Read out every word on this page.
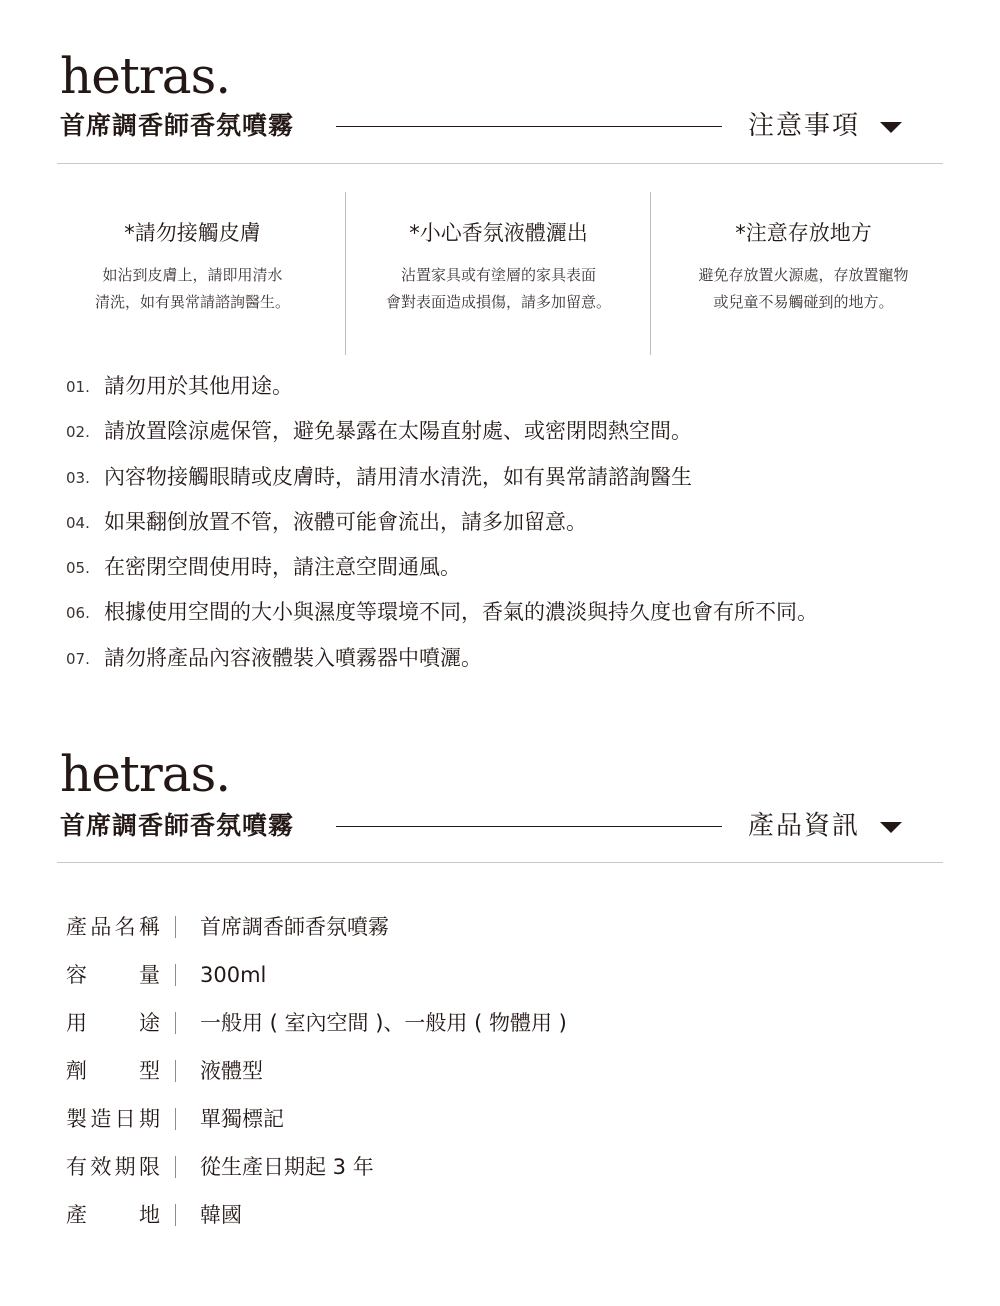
hetras.
首席調香師香氛噴霧	注意事項
*請勿接觸皮膚
如沾到皮膚上，請即用清水
清洗，如有異常請諮詢醫生。
*小心香氛液體灑出
沾置家具或有塗層的家具表面
會對表面造成損傷，請多加留意。
*注意存放地方
避免存放置火源處，存放置寵物
或兒童不易觸碰到的地方。
01. 請勿用於其他用途。
02. 請放置陰涼處保管，避免暴露在太陽直射處、或密閉悶熱空間。
03. 內容物接觸眼睛或皮膚時，請用清水清洗，如有異常請諮詢醫生
04. 如果翻倒放置不管，液體可能會流出，請多加留意。
05. 在密閉空間使用時，請注意空間通風。
06. 根據使用空間的大小與濕度等環境不同，香氣的濃淡與持久度也會有所不同。
07. 請勿將產品內容液體裝入噴霧器中噴灑。
hetras.
首席調香師香氛噴霧	產品資訊
產品名稱 首席調香師香氛噴霧
容量 300ml
用途 一般用 ( 室內空間 )、一般用 ( 物體用 )
劑型 液體型
製造日期 單獨標記
有效期限 從生產日期起 3 年
產地 韓國
